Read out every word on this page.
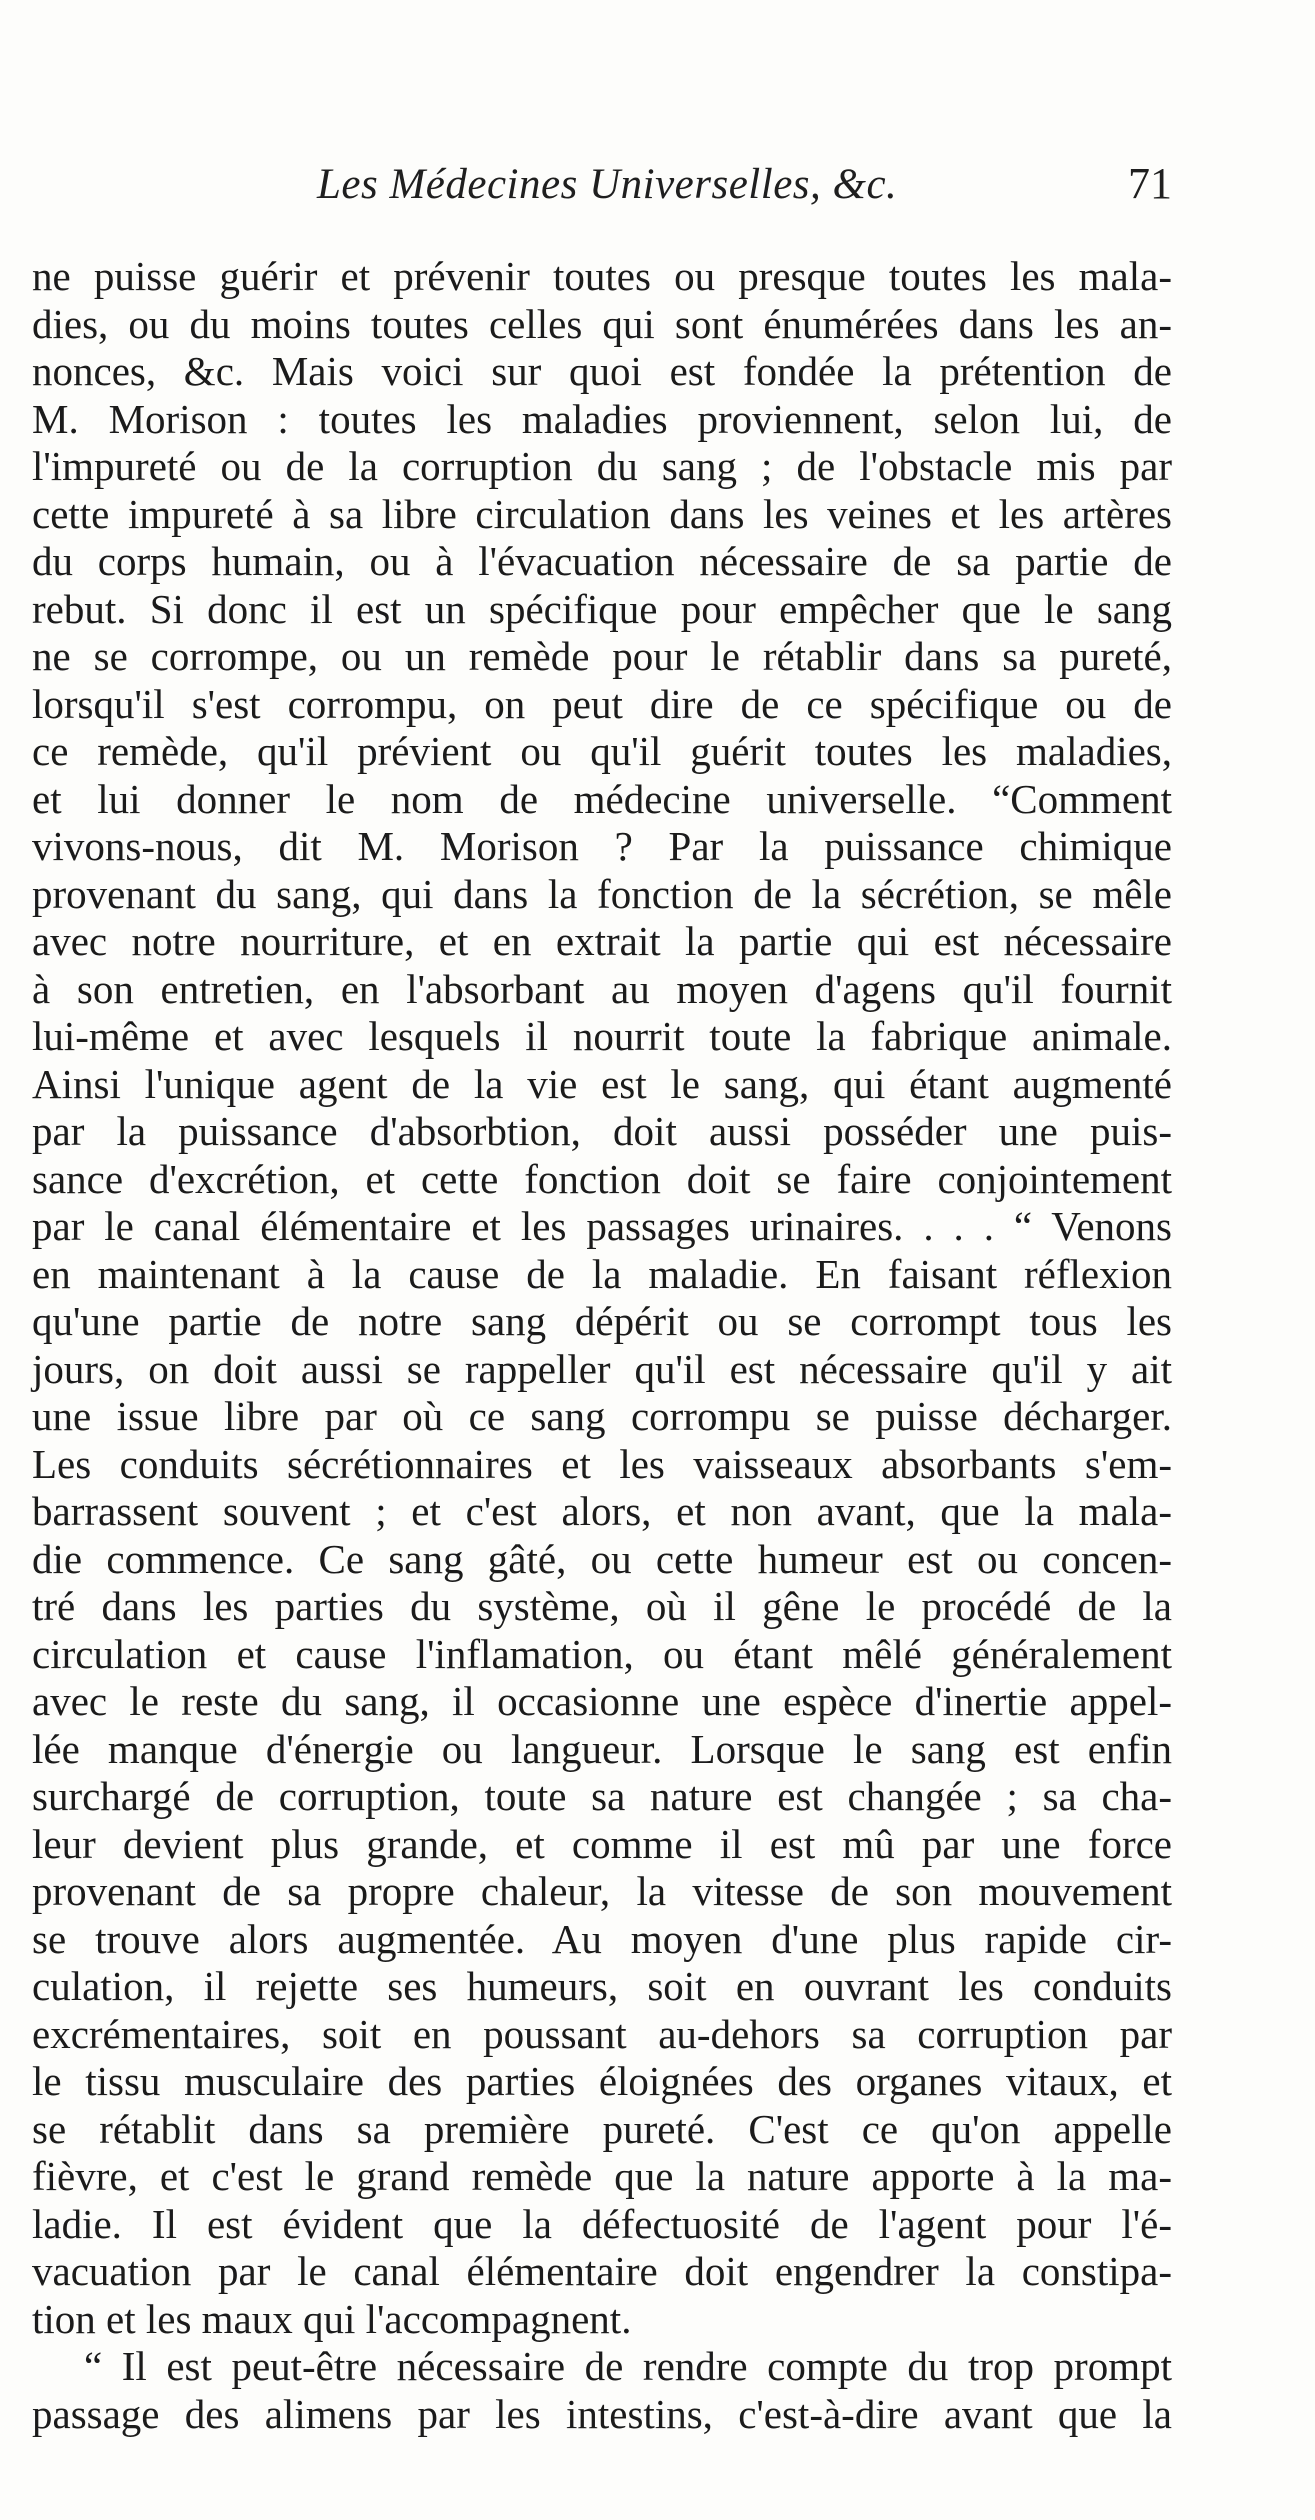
Les Médecines Universelles, &c.	71
ne puisse guérir et prévenir toutes ou presque toutes les mala-
dies, ou du moins toutes celles qui sont énumérées dans les an-
nonces, &c. Mais voici sur quoi est fondée la prétention de
M. Morison : toutes les maladies proviennent, selon lui, de
l'impureté ou de la corruption du sang ; de l'obstacle mis par
cette impureté à sa libre circulation dans les veines et les artères
du corps humain, ou à l'évacuation nécessaire de sa partie de
rebut. Si donc il est un spécifique pour empêcher que le sang
ne se corrompe, ou un remède pour le rétablir dans sa pureté,
lorsqu'il s'est corrompu, on peut dire de ce spécifique ou de
ce remède, qu'il prévient ou qu'il guérit toutes les maladies,
et lui donner le nom de médecine universelle. “Comment
vivons-nous, dit M. Morison ? Par la puissance chimique
provenant du sang, qui dans la fonction de la sécrétion, se mêle
avec notre nourriture, et en extrait la partie qui est nécessaire
à son entretien, en l'absorbant au moyen d'agens qu'il fournit
lui-même et avec lesquels il nourrit toute la fabrique animale.
Ainsi l'unique agent de la vie est le sang, qui étant augmenté
par la puissance d'absorbtion, doit aussi posséder une puis-
sance d'excrétion, et cette fonction doit se faire conjointement
par le canal élémentaire et les passages urinaires. . . . “ Venons
en maintenant à la cause de la maladie. En faisant réflexion
qu'une partie de notre sang dépérit ou se corrompt tous les
jours, on doit aussi se rappeller qu'il est nécessaire qu'il y ait
une issue libre par où ce sang corrompu se puisse décharger.
Les conduits sécrétionnaires et les vaisseaux absorbants s'em-
barrassent souvent ; et c'est alors, et non avant, que la mala-
die commence. Ce sang gâté, ou cette humeur est ou concen-
tré dans les parties du système, où il gêne le procédé de la
circulation et cause l'inflamation, ou étant mêlé généralement
avec le reste du sang, il occasionne une espèce d'inertie appel-
lée manque d'énergie ou langueur. Lorsque le sang est enfin
surchargé de corruption, toute sa nature est changée ; sa cha-
leur devient plus grande, et comme il est mû par une force
provenant de sa propre chaleur, la vitesse de son mouvement
se trouve alors augmentée. Au moyen d'une plus rapide cir-
culation, il rejette ses humeurs, soit en ouvrant les conduits
excrémentaires, soit en poussant au-dehors sa corruption par
le tissu musculaire des parties éloignées des organes vitaux, et
se rétablit dans sa première pureté. C'est ce qu'on appelle
fièvre, et c'est le grand remède que la nature apporte à la ma-
ladie. Il est évident que la défectuosité de l'agent pour l'é-
vacuation par le canal élémentaire doit engendrer la constipa-
tion et les maux qui l'accompagnent.
“ Il est peut-être nécessaire de rendre compte du trop prompt
passage des alimens par les intestins, c'est-à-dire avant que la
